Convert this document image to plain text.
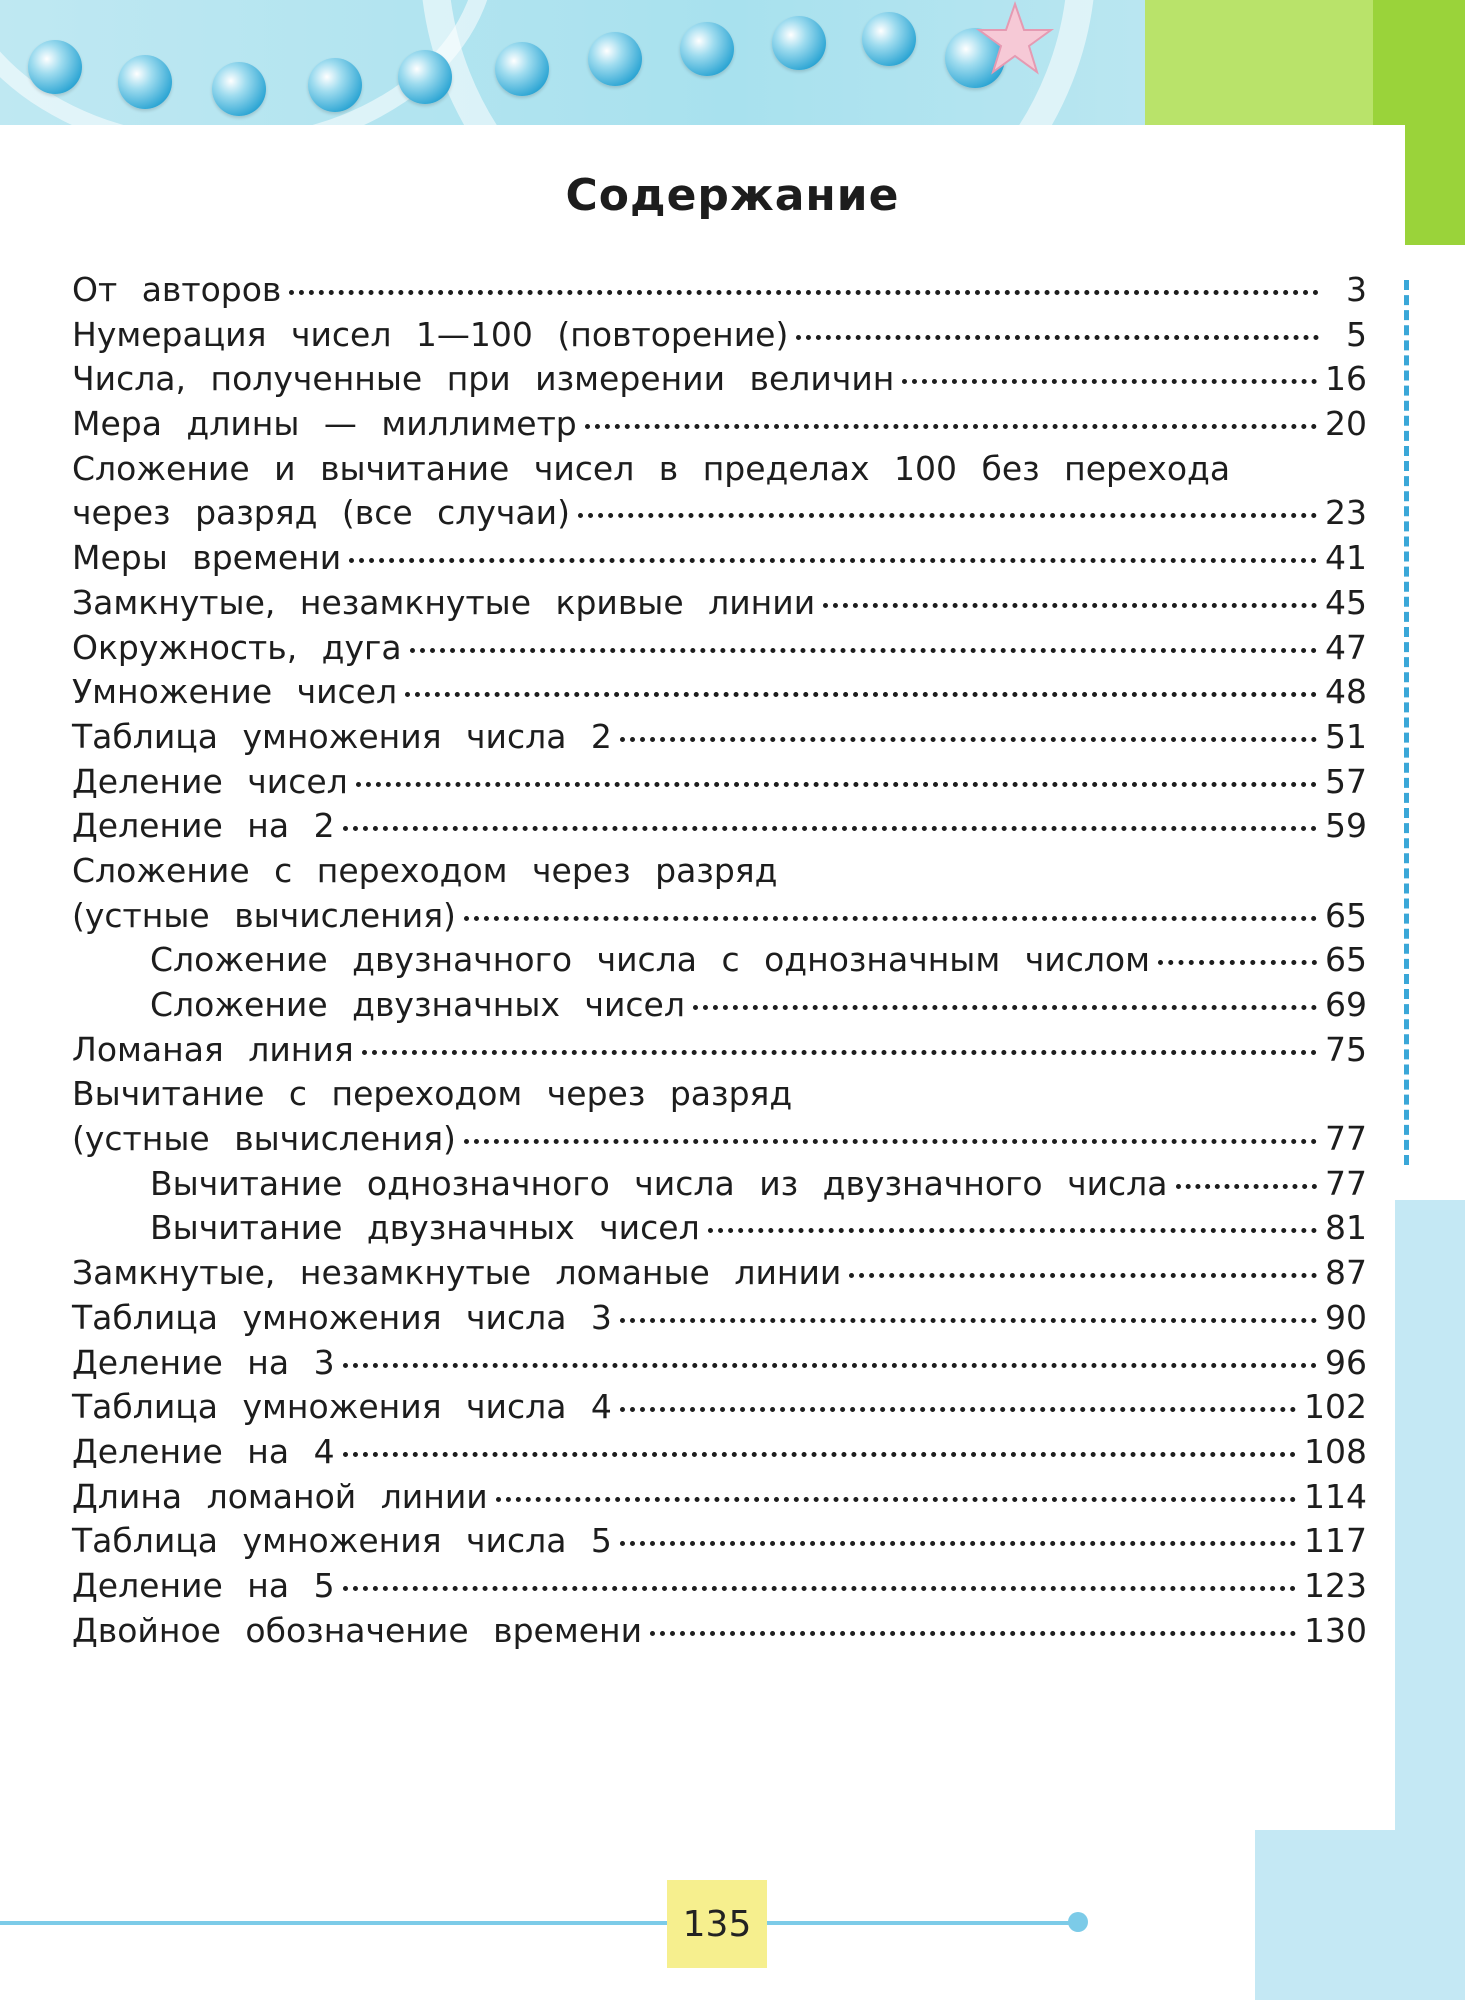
Содержание
От авторов	3
Нумерация чисел 1—100 (повторение)	5
Числа, полученные при измерении величин	16
Мера длины — миллиметр	20
Сложение и вычитание чисел в пределах 100 без перехода
через разряд (все случаи)	23
Меры времени	41
Замкнутые, незамкнутые кривые линии	45
Окружность, дуга	47
Умножение чисел	48
Таблица умножения числа 2	51
Деление чисел	57
Деление на 2	59
Сложение с переходом через разряд
(устные вычисления)	65
Сложение двузначного числа с однозначным числом	65
Сложение двузначных чисел	69
Ломаная линия	75
Вычитание с переходом через разряд
(устные вычисления)	77
Вычитание однозначного числа из двузначного числа	77
Вычитание двузначных чисел	81
Замкнутые, незамкнутые ломаные линии	87
Таблица умножения числа 3	90
Деление на 3	96
Таблица умножения числа 4	102
Деление на 4	108
Длина ломаной линии	114
Таблица умножения числа 5	117
Деление на 5	123
Двойное обозначение времени	130
135
